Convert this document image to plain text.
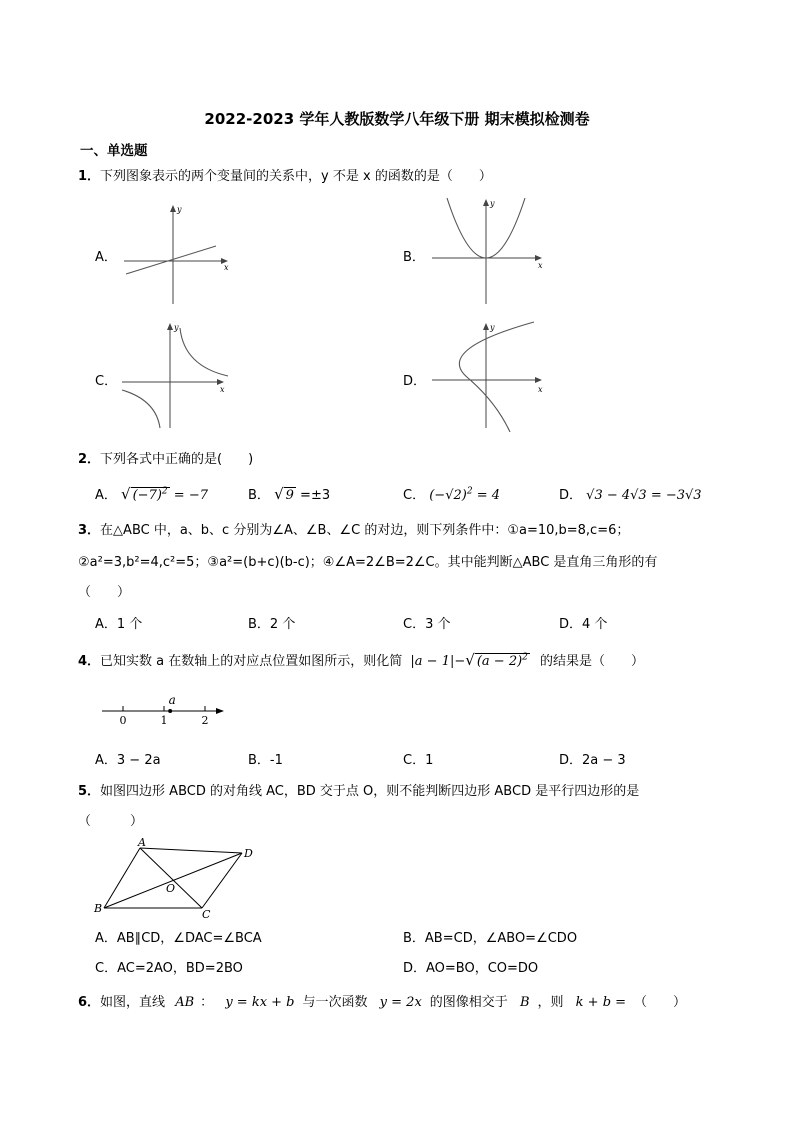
2022-2023 学年人教版数学八年级下册 期末模拟检测卷
一、单选题
1．下列图象表示的两个变量间的关系中，y 不是 x 的函数的是（　　）
A．
x
y
B．
x
y
C．
x
y
D．
x
y
2．下列各式中正确的是(　　)
A． √ $(-7)^2 = -7$	B． √ 9 =±3	C． $(-√2)^2 = 4$	D． √3 − 4√3 = −3√3
3．在△ABC 中，a、b、c 分别为∠A、∠B、∠C 的对边，则下列条件中：①a=10,b=8,c=6；
②a²=3,b²=4,c²=5；③a²=(b+c)(b-c)；④∠A=2∠B=2∠C。其中能判断△ABC 是直角三角形的有
（　　）
A．1 个	B．2 个	C．3 个	D．4 个
4．已知实数 a 在数轴上的对应点位置如图所示，则化简 |a − 1|−√ $(a - 2)^2$ 的结果是（　　）
0	1	2
a
A．3 − 2a	B．-1	C．1	D．2a − 3
5．如图四边形 ABCD 的对角线 AC，BD 交于点 O，则不能判断四边形 ABCD 是平行四边形的是
（　　　）
A
B	C
D
O
A．AB∥CD，∠DAC=∠BCA	B．AB=CD，∠ABO=∠CDO
C．AC=2AO，BD=2BO	D．AO=BO，CO=DO
6．如图，直线 AB ： y = kx + b 与一次函数 y = 2x 的图像相交于 B ，则 k + b = （　　）
